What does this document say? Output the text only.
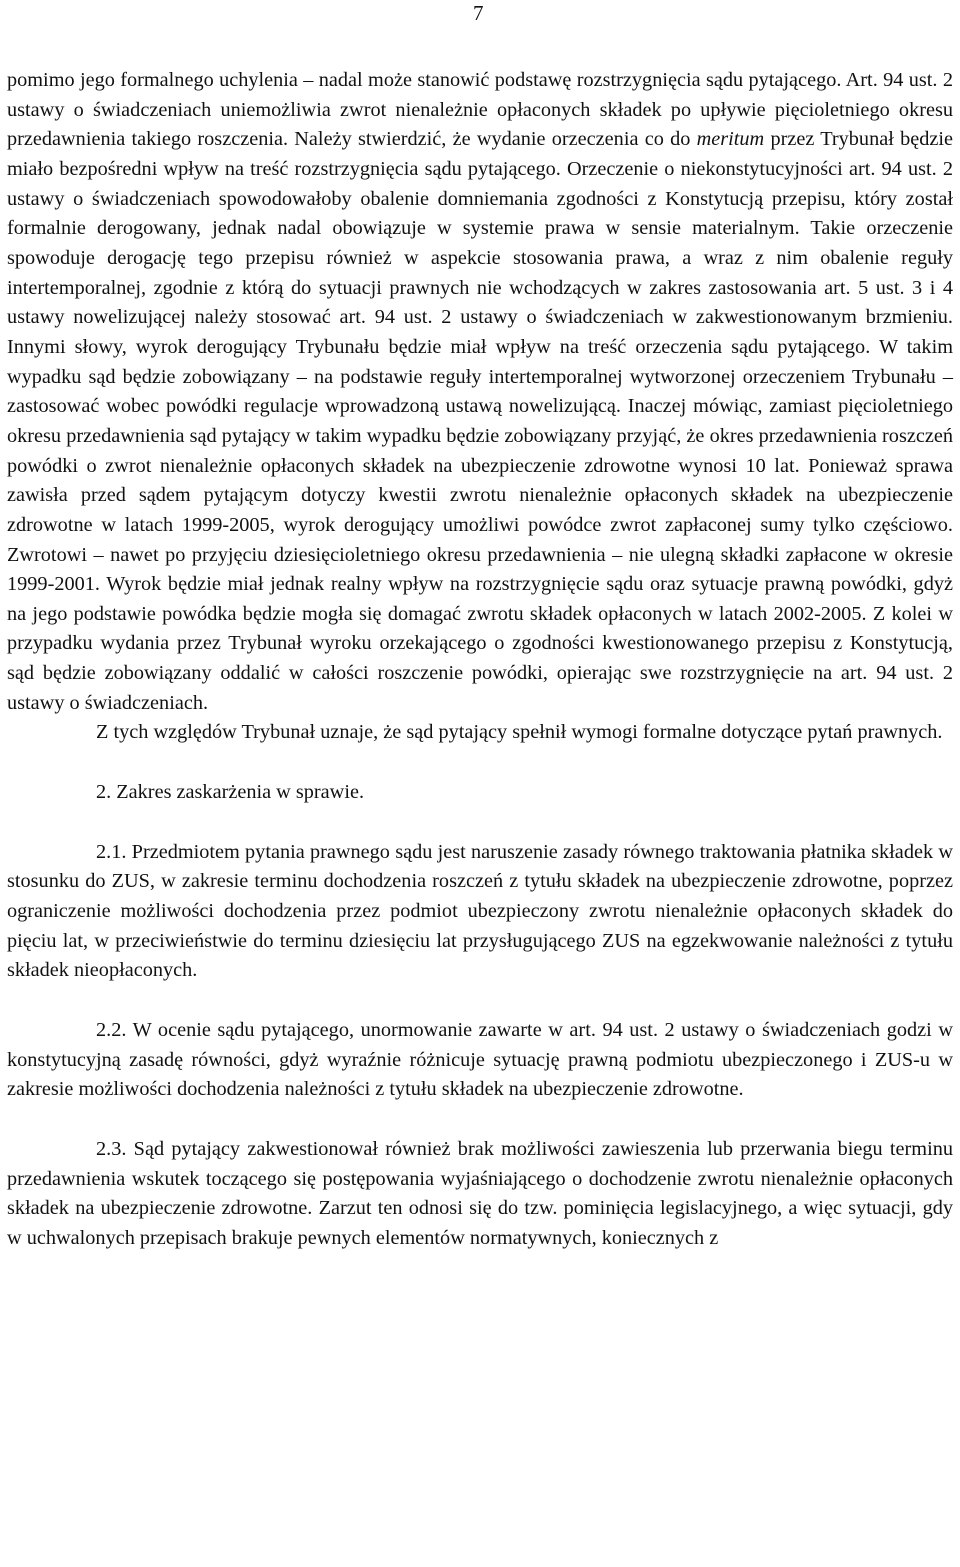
7

pomimo jego formalnego uchylenia – nadal może stanowić podstawę rozstrzygnięcia sądu pytającego. Art. 94 ust. 2 ustawy o świadczeniach uniemożliwia zwrot nienależnie opłaconych składek po upływie pięcioletniego okresu przedawnienia takiego roszczenia. Należy stwierdzić, że wydanie orzeczenia co do meritum przez Trybunał będzie miało bezpośredni wpływ na treść rozstrzygnięcia sądu pytającego. Orzeczenie o niekonstytucyjności art. 94 ust. 2 ustawy o świadczeniach spowodowałoby obalenie domniemania zgodności z Konstytucją przepisu, który został formalnie derogowany, jednak nadal obowiązuje w systemie prawa w sensie materialnym. Takie orzeczenie spowoduje derogację tego przepisu również w aspekcie stosowania prawa, a wraz z nim obalenie reguły intertemporalnej, zgodnie z którą do sytuacji prawnych nie wchodzących w zakres zastosowania art. 5 ust. 3 i 4 ustawy nowelizującej należy stosować art. 94 ust. 2 ustawy o świadczeniach w zakwestionowanym brzmieniu. Innymi słowy, wyrok derogujący Trybunału będzie miał wpływ na treść orzeczenia sądu pytającego. W takim wypadku sąd będzie zobowiązany – na podstawie reguły intertemporalnej wytworzonej orzeczeniem Trybunału – zastosować wobec powódki regulacje wprowadzoną ustawą nowelizującą. Inaczej mówiąc, zamiast pięcioletniego okresu przedawnienia sąd pytający w takim wypadku będzie zobowiązany przyjąć, że okres przedawnienia roszczeń powódki o zwrot nienależnie opłaconych składek na ubezpieczenie zdrowotne wynosi 10 lat. Ponieważ sprawa zawisła przed sądem pytającym dotyczy kwestii zwrotu nienależnie opłaconych składek na ubezpieczenie zdrowotne w latach 1999-2005, wyrok derogujący umożliwi powódce zwrot zapłaconej sumy tylko częściowo. Zwrotowi – nawet po przyjęciu dziesięcioletniego okresu przedawnienia – nie ulegną składki zapłacone w okresie 1999-2001. Wyrok będzie miał jednak realny wpływ na rozstrzygnięcie sądu oraz sytuacje prawną powódki, gdyż na jego podstawie powódka będzie mogła się domagać zwrotu składek opłaconych w latach 2002-2005. Z kolei w przypadku wydania przez Trybunał wyroku orzekającego o zgodności kwestionowanego przepisu z Konstytucją, sąd będzie zobowiązany oddalić w całości roszczenie powódki, opierając swe rozstrzygnięcie na art. 94 ust. 2 ustawy o świadczeniach.

Z tych względów Trybunał uznaje, że sąd pytający spełnił wymogi formalne dotyczące pytań prawnych.

2. Zakres zaskarżenia w sprawie.

2.1. Przedmiotem pytania prawnego sądu jest naruszenie zasady równego traktowania płatnika składek w stosunku do ZUS, w zakresie terminu dochodzenia roszczeń z tytułu składek na ubezpieczenie zdrowotne, poprzez ograniczenie możliwości dochodzenia przez podmiot ubezpieczony zwrotu nienależnie opłaconych składek do pięciu lat, w przeciwieństwie do terminu dziesięciu lat przysługującego ZUS na egzekwowanie należności z tytułu składek nieopłaconych.

2.2. W ocenie sądu pytającego, unormowanie zawarte w art. 94 ust. 2 ustawy o świadczeniach godzi w konstytucyjną zasadę równości, gdyż wyraźnie różnicuje sytuację prawną podmiotu ubezpieczonego i ZUS-u w zakresie możliwości dochodzenia należności z tytułu składek na ubezpieczenie zdrowotne.

2.3. Sąd pytający zakwestionował również brak możliwości zawieszenia lub przerwania biegu terminu przedawnienia wskutek toczącego się postępowania wyjaśniającego o dochodzenie zwrotu nienależnie opłaconych składek na ubezpieczenie zdrowotne. Zarzut ten odnosi się do tzw. pominięcia legislacyjnego, a więc sytuacji, gdy w uchwalonych przepisach brakuje pewnych elementów normatywnych, koniecznych z
